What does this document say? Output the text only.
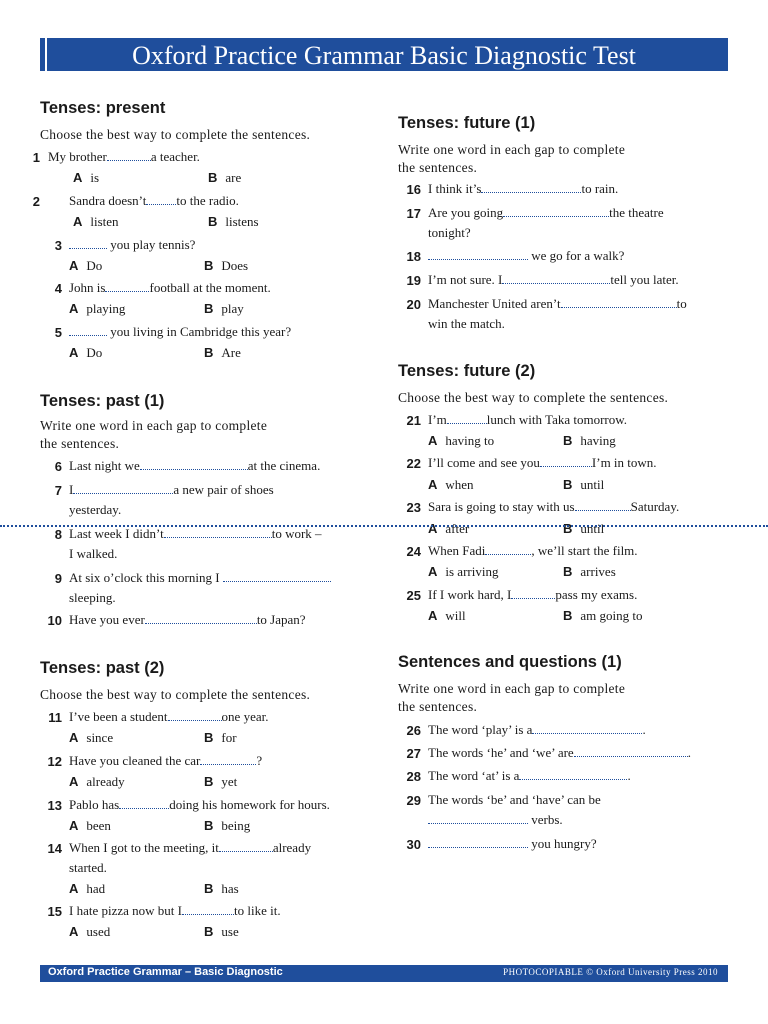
Oxford Practice Grammar Basic Diagnostic Test
Tenses: present
Choose the best way to complete the sentences.
1 My brother	a teacher.
A is	B are
2 Sandra doesn’t to the radio.
A listen	B listens
3	you play tennis?
A Do	B Does
4 John is	football at the moment.
A playing	B play
5	you living in Cambridge this year?
A Do	B Are
Tenses: past (1)
Write one word in each gap to complete
the sentences.
6 Last night we	at the cinema.
7 I	a new pair of shoes
yesterday.
8 Last week I didn’t	to work –
I walked.
9 At six o’clock this morning I
sleeping.
10 Have you ever	to Japan?
Tenses: past (2)
Choose the best way to complete the sentences.
11 I’ve been a student	one year.
A since	B for
12 Have you cleaned the car	?
A already	B yet
13 Pablo has	doing his homework for hours.
A been	B being
14 When I got to the meeting, it	already
started.
A had	B has
15 I hate pizza now but I	to like it.
A used	B use
Tenses: future (1)
Write one word in each gap to complete
the sentences.
16 I think it’s	to rain.
17 Are you going	the theatre
tonight?
18	we go for a walk?
19 I’m not sure. I	tell you later.
20 Manchester United aren’t	to
win the match.
Tenses: future (2)
Choose the best way to complete the sentences.
21 I’m	lunch with Taka tomorrow.
A having to	B having
22 I’ll come and see you	I’m in town.
A when	B until
23 Sara is going to stay with us	Saturday.
A after	B until
24 When Fadi	, we’ll start the film.
A is arriving	B arrives
25 If I work hard, I	pass my exams.
A will	B am going to
Sentences and questions (1)
Write one word in each gap to complete
the sentences.
26 The word ‘play’ is a	.
27 The words ‘he’ and ‘we’ are	.
28 The word ‘at’ is a	.
29 The words ‘be’ and ‘have’ can be
verbs.
30	you hungry?
Oxford Practice Grammar – Basic Diagnostic	PHOTOCOPIABLE © Oxford University Press 2010
